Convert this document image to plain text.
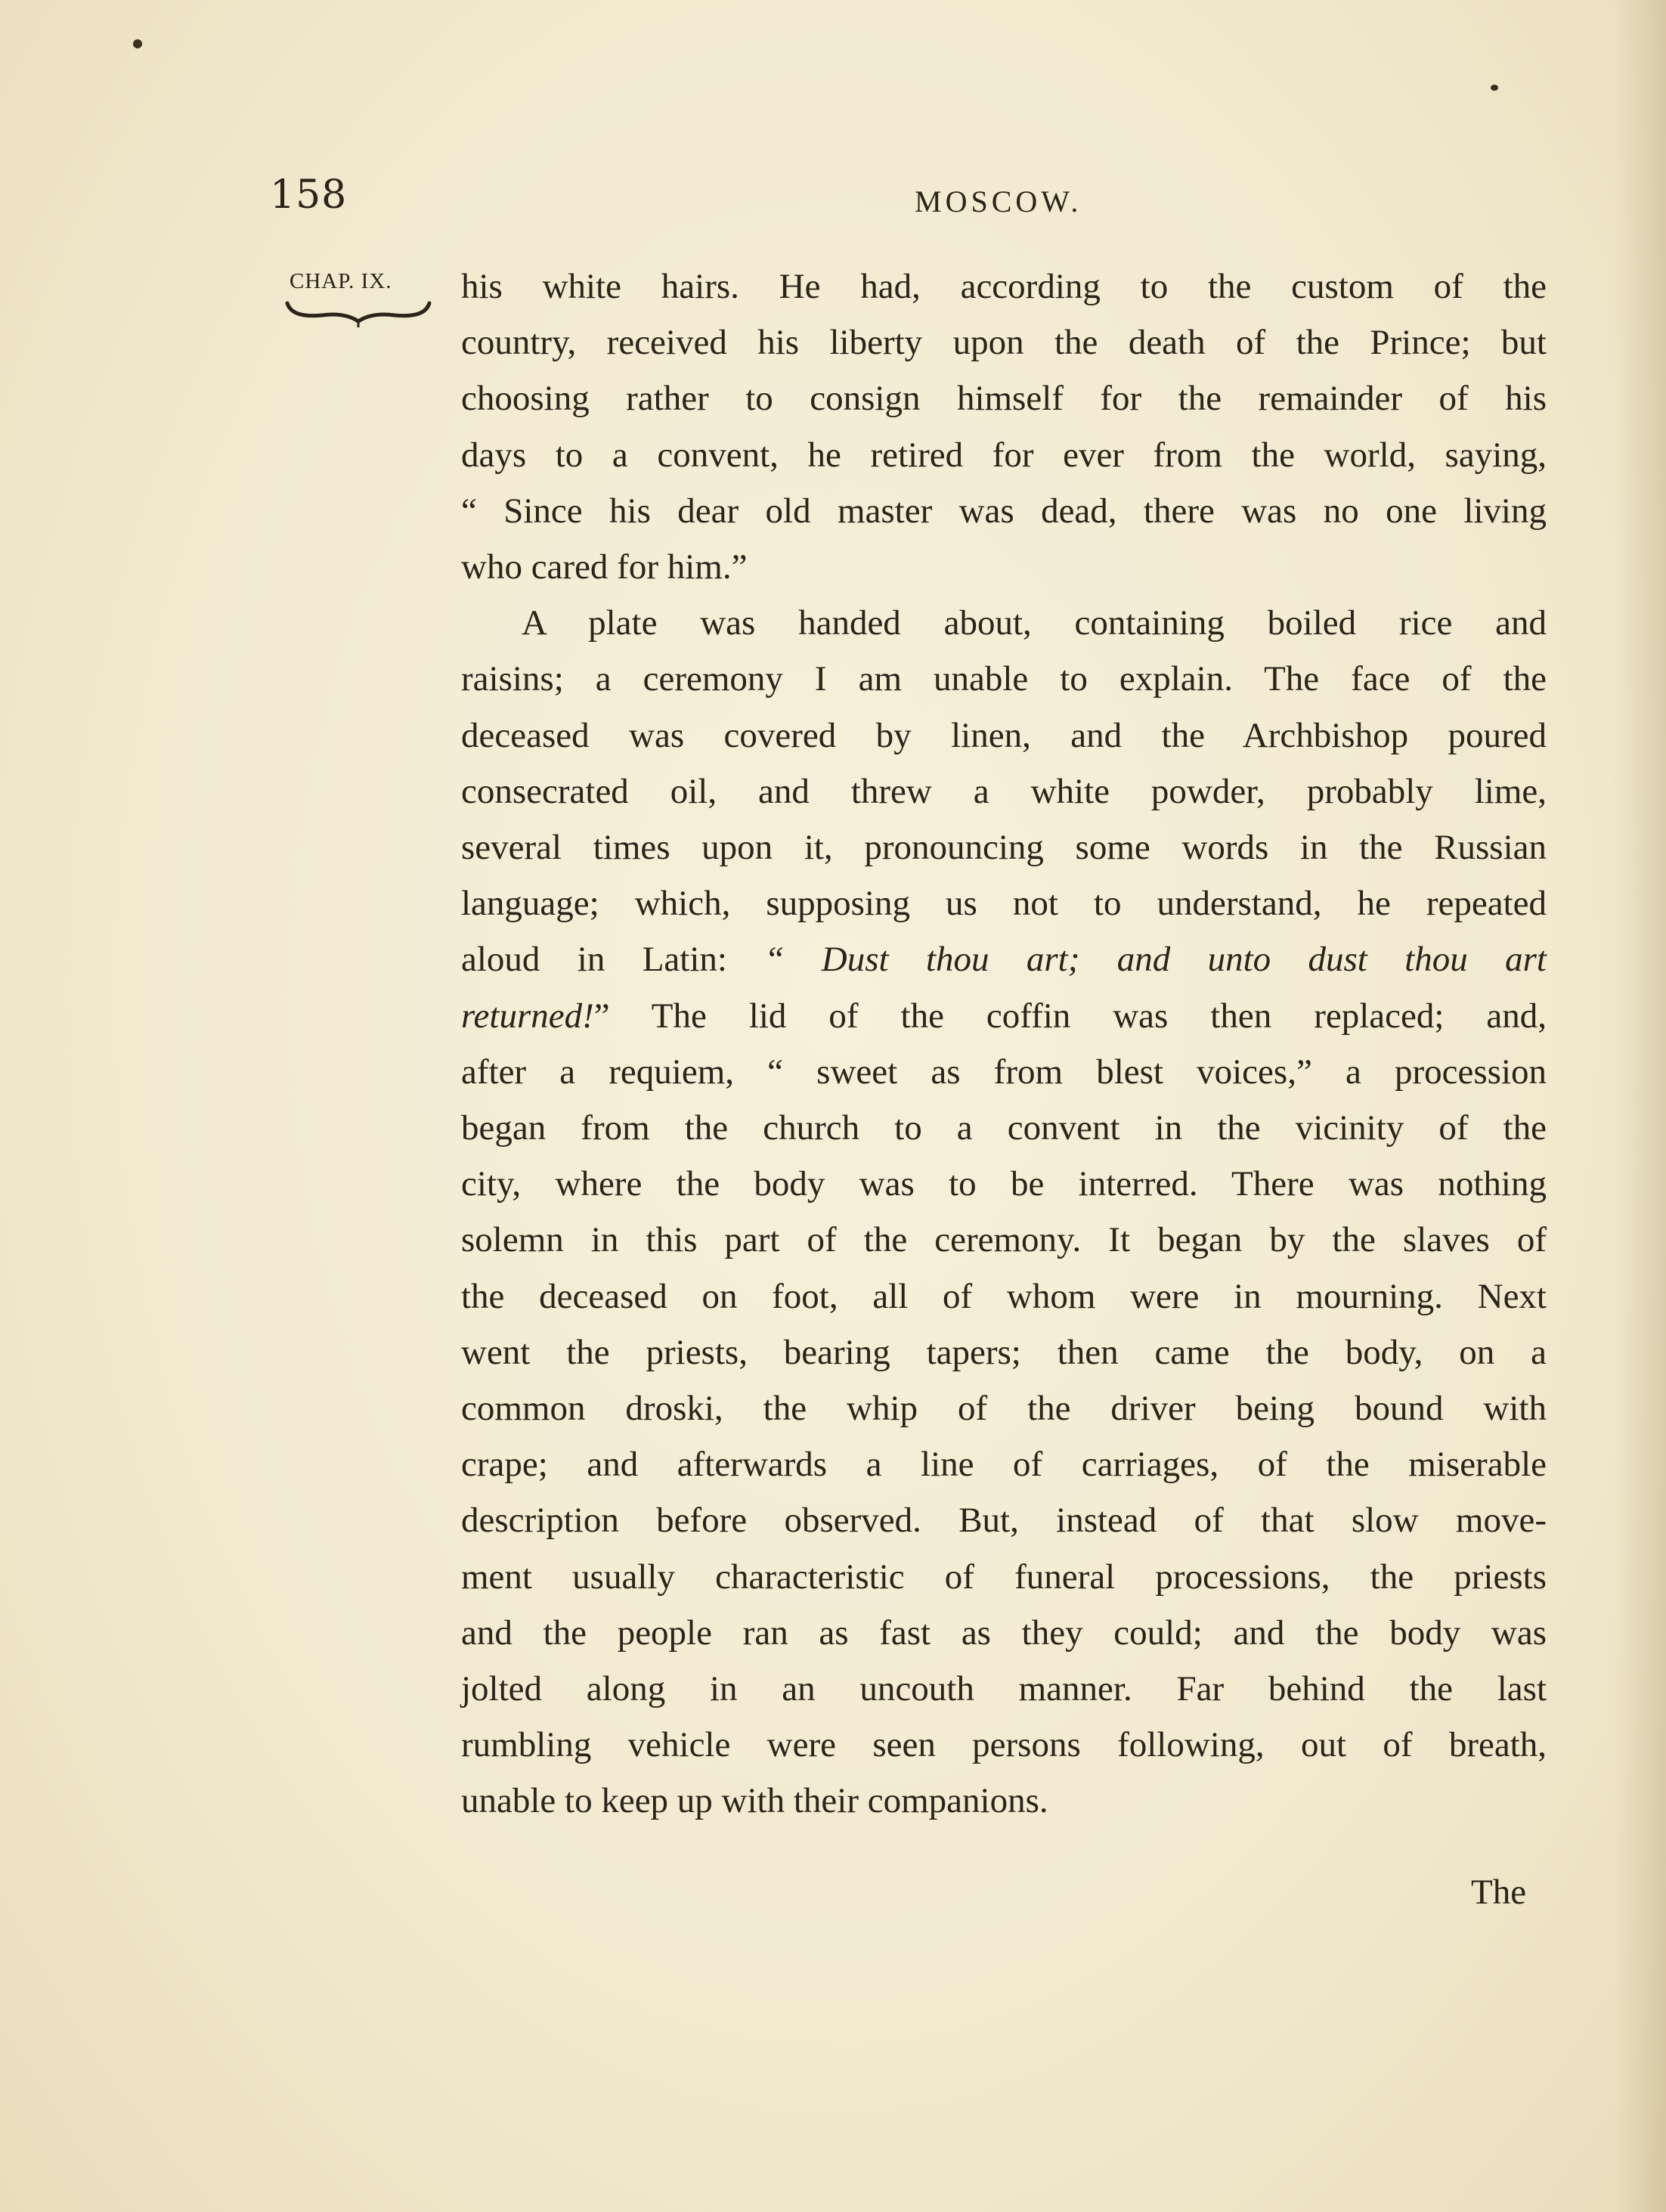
158	MOSCOW.
CHAP. IX. his white hairs. He had, according to the custom of the
country, received his liberty upon the death of the Prince; but
choosing rather to consign himself for the remainder of his
days to a convent, he retired for ever from the world, saying,
“ Since his dear old master was dead, there was no one living
who cared for him.”
A plate was handed about, containing boiled rice and
raisins; a ceremony I am unable to explain. The face of the
deceased was covered by linen, and the Archbishop poured
consecrated oil, and threw a white powder, probably lime,
several times upon it, pronouncing some words in the Russian
language; which, supposing us not to understand, he repeated
aloud in Latin: “ Dust thou art; and unto dust thou art
returned!” The lid of the coffin was then replaced; and,
after a requiem, “ sweet as from blest voices,” a procession
began from the church to a convent in the vicinity of the
city, where the body was to be interred. There was nothing
solemn in this part of the ceremony. It began by the slaves of
the deceased on foot, all of whom were in mourning. Next
went the priests, bearing tapers; then came the body, on a
common droski, the whip of the driver being bound with
crape; and afterwards a line of carriages, of the miserable
description before observed. But, instead of that slow move-
ment usually characteristic of funeral processions, the priests
and the people ran as fast as they could; and the body was
jolted along in an uncouth manner. Far behind the last
rumbling vehicle were seen persons following, out of breath,
unable to keep up with their companions.
The
